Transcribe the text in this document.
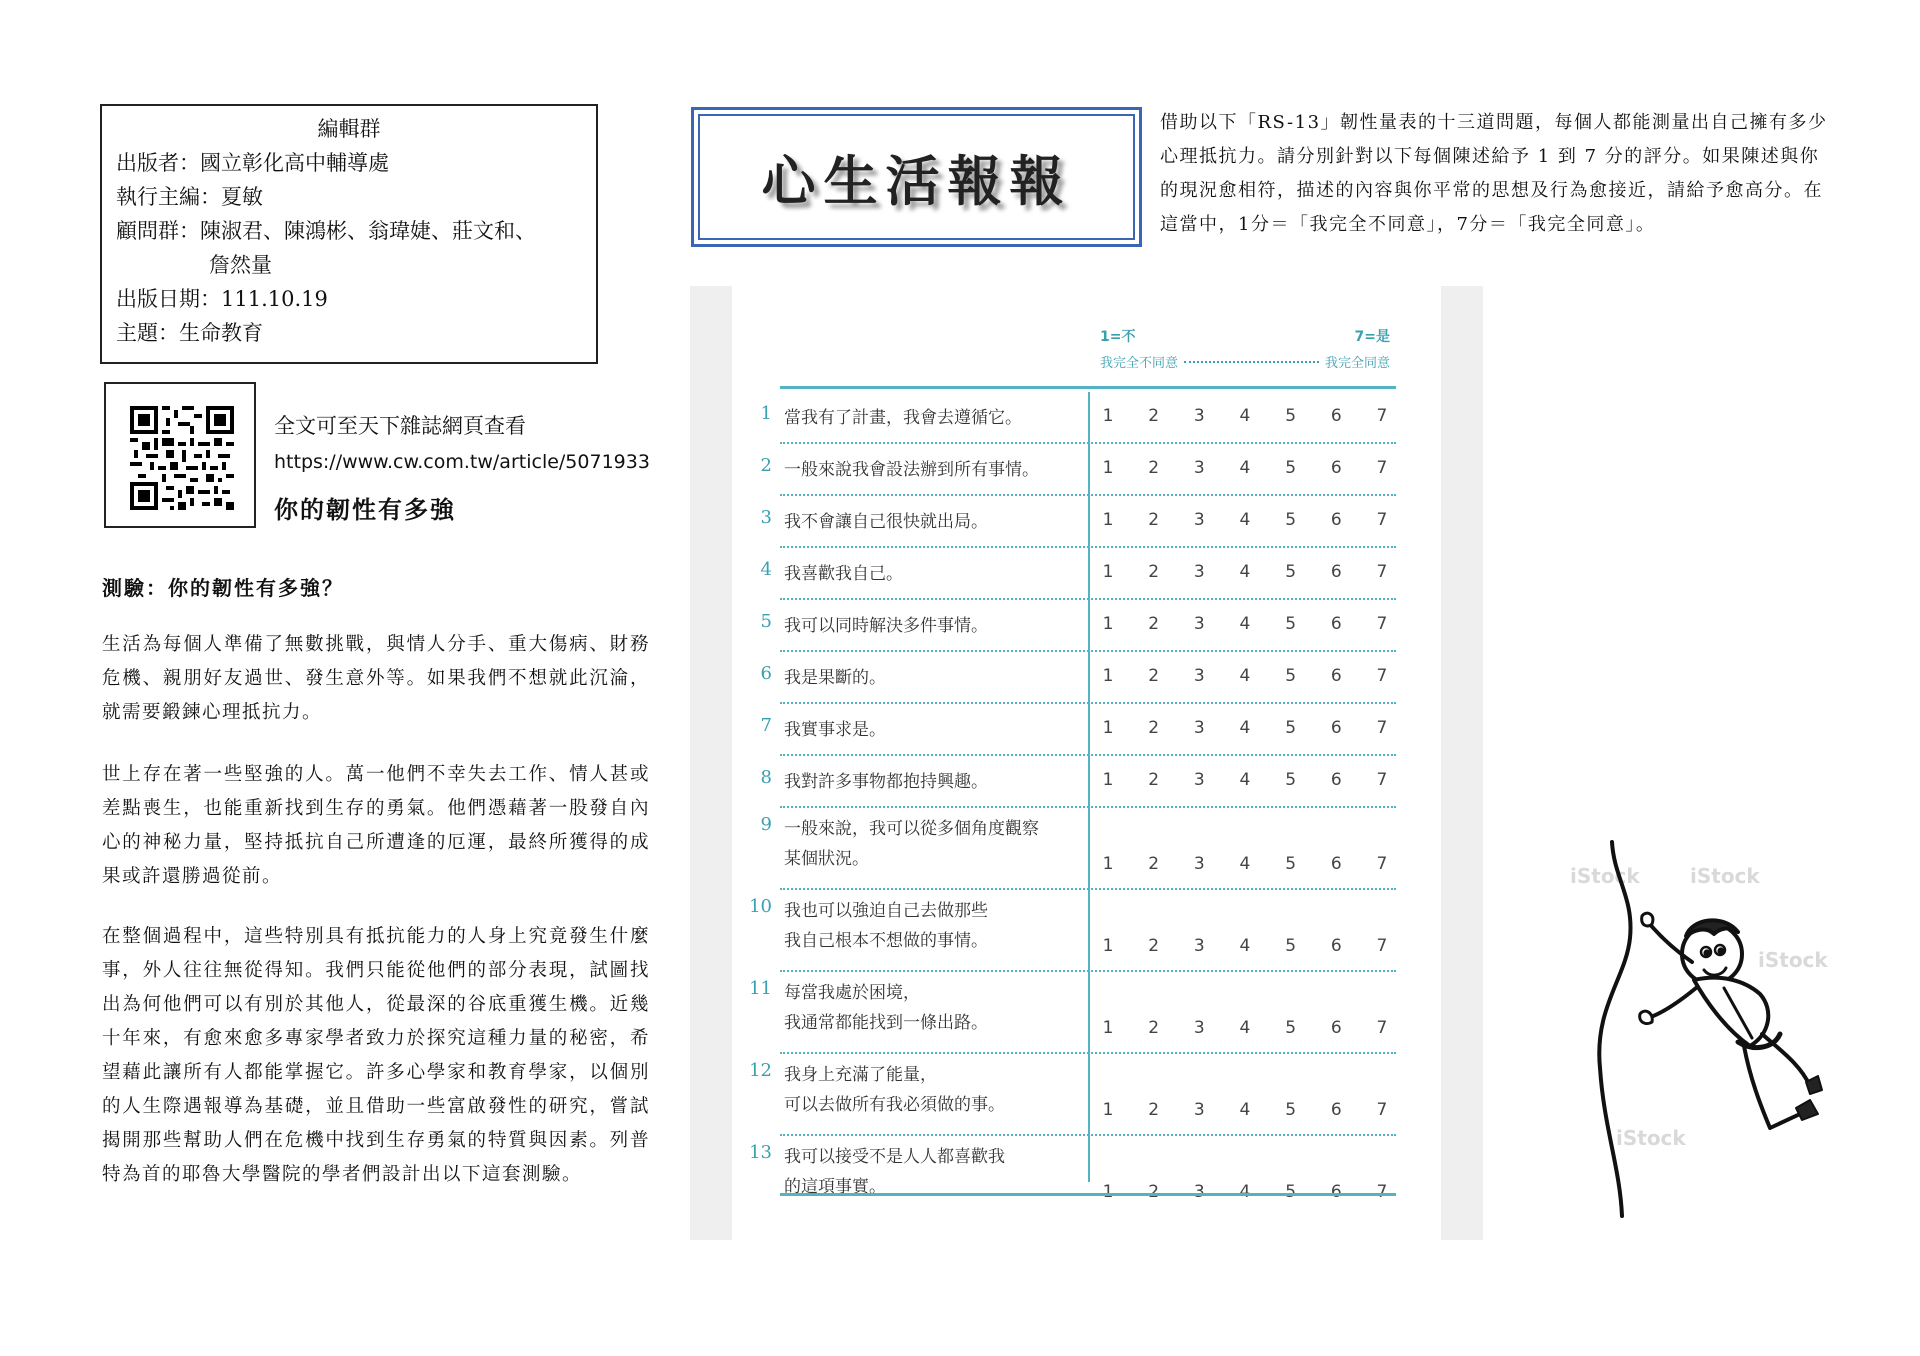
編輯群
出版者：國立彰化高中輔導處
執行主編：夏敏
顧問群：陳淑君、陳鴻彬、翁瑋婕、莊文和、
詹然量
出版日期：111.10.19
主題：生命教育
全文可至天下雜誌網頁查看
https://www.cw.com.tw/article/5071933
你的韌性有多強
測驗：你的韌性有多強？
生活為每個人準備了無數挑戰，與情人分手、重大傷病、財務危機、親朋好友過世、發生意外等。如果我們不想就此沉淪，就需要鍛鍊心理抵抗力。
世上存在著一些堅強的人。萬一他們不幸失去工作、情人甚或差點喪生，也能重新找到生存的勇氣。他們憑藉著一股發自內心的神秘力量，堅持抵抗自己所遭逢的厄運，最終所獲得的成果或許還勝過從前。
在整個過程中，這些特別具有抵抗能力的人身上究竟發生什麼事，外人往往無從得知。我們只能從他們的部分表現，試圖找出為何他們可以有別於其他人，從最深的谷底重獲生機。近幾十年來，有愈來愈多專家學者致力於探究這種力量的秘密，希望藉此讓所有人都能掌握它。許多心學家和教育學家，以個別的人生際遇報導為基礎，並且借助一些富啟發性的研究，嘗試揭開那些幫助人們在危機中找到生存勇氣的特質與因素。列普特為首的耶魯大學醫院的學者們設計出以下這套測驗。
心生活報報
借助以下「RS-13」韌性量表的十三道問題，每個人都能測量出自己擁有多少心理抵抗力。請分別針對以下每個陳述給予 1 到 7 分的評分。如果陳述與你的現況愈相符，描述的內容與你平常的思想及行為愈接近，請給予愈高分。在這當中，1分＝「我完全不同意」，7分＝「我完全同意」。
1=不	7=是
我完全不同意	我完全同意
1 當我有了計畫，我會去遵循它。	1 2 3 4 5 6 7
2 一般來說我會設法辦到所有事情。	1 2 3 4 5 6 7
3 我不會讓自己很快就出局。	1 2 3 4 5 6 7
4 我喜歡我自己。	1 2 3 4 5 6 7
5 我可以同時解決多件事情。	1 2 3 4 5 6 7
6 我是果斷的。	1 2 3 4 5 6 7
7 我實事求是。	1 2 3 4 5 6 7
8 我對許多事物都抱持興趣。	1 2 3 4 5 6 7
9 一般來說，我可以從多個角度觀察
某個狀況。	1 2 3 4 5 6 7
10 我也可以強迫自己去做那些
我自己根本不想做的事情。	1 2 3 4 5 6 7
11 每當我處於困境，
我通常都能找到一條出路。	1 2 3 4 5 6 7
12 我身上充滿了能量，
可以去做所有我必須做的事。	1 2 3 4 5 6 7
13 我可以接受不是人人都喜歡我
的這項事實。	1 2 3 4 5 6 7
iStock	iStock
iStock
iStock
